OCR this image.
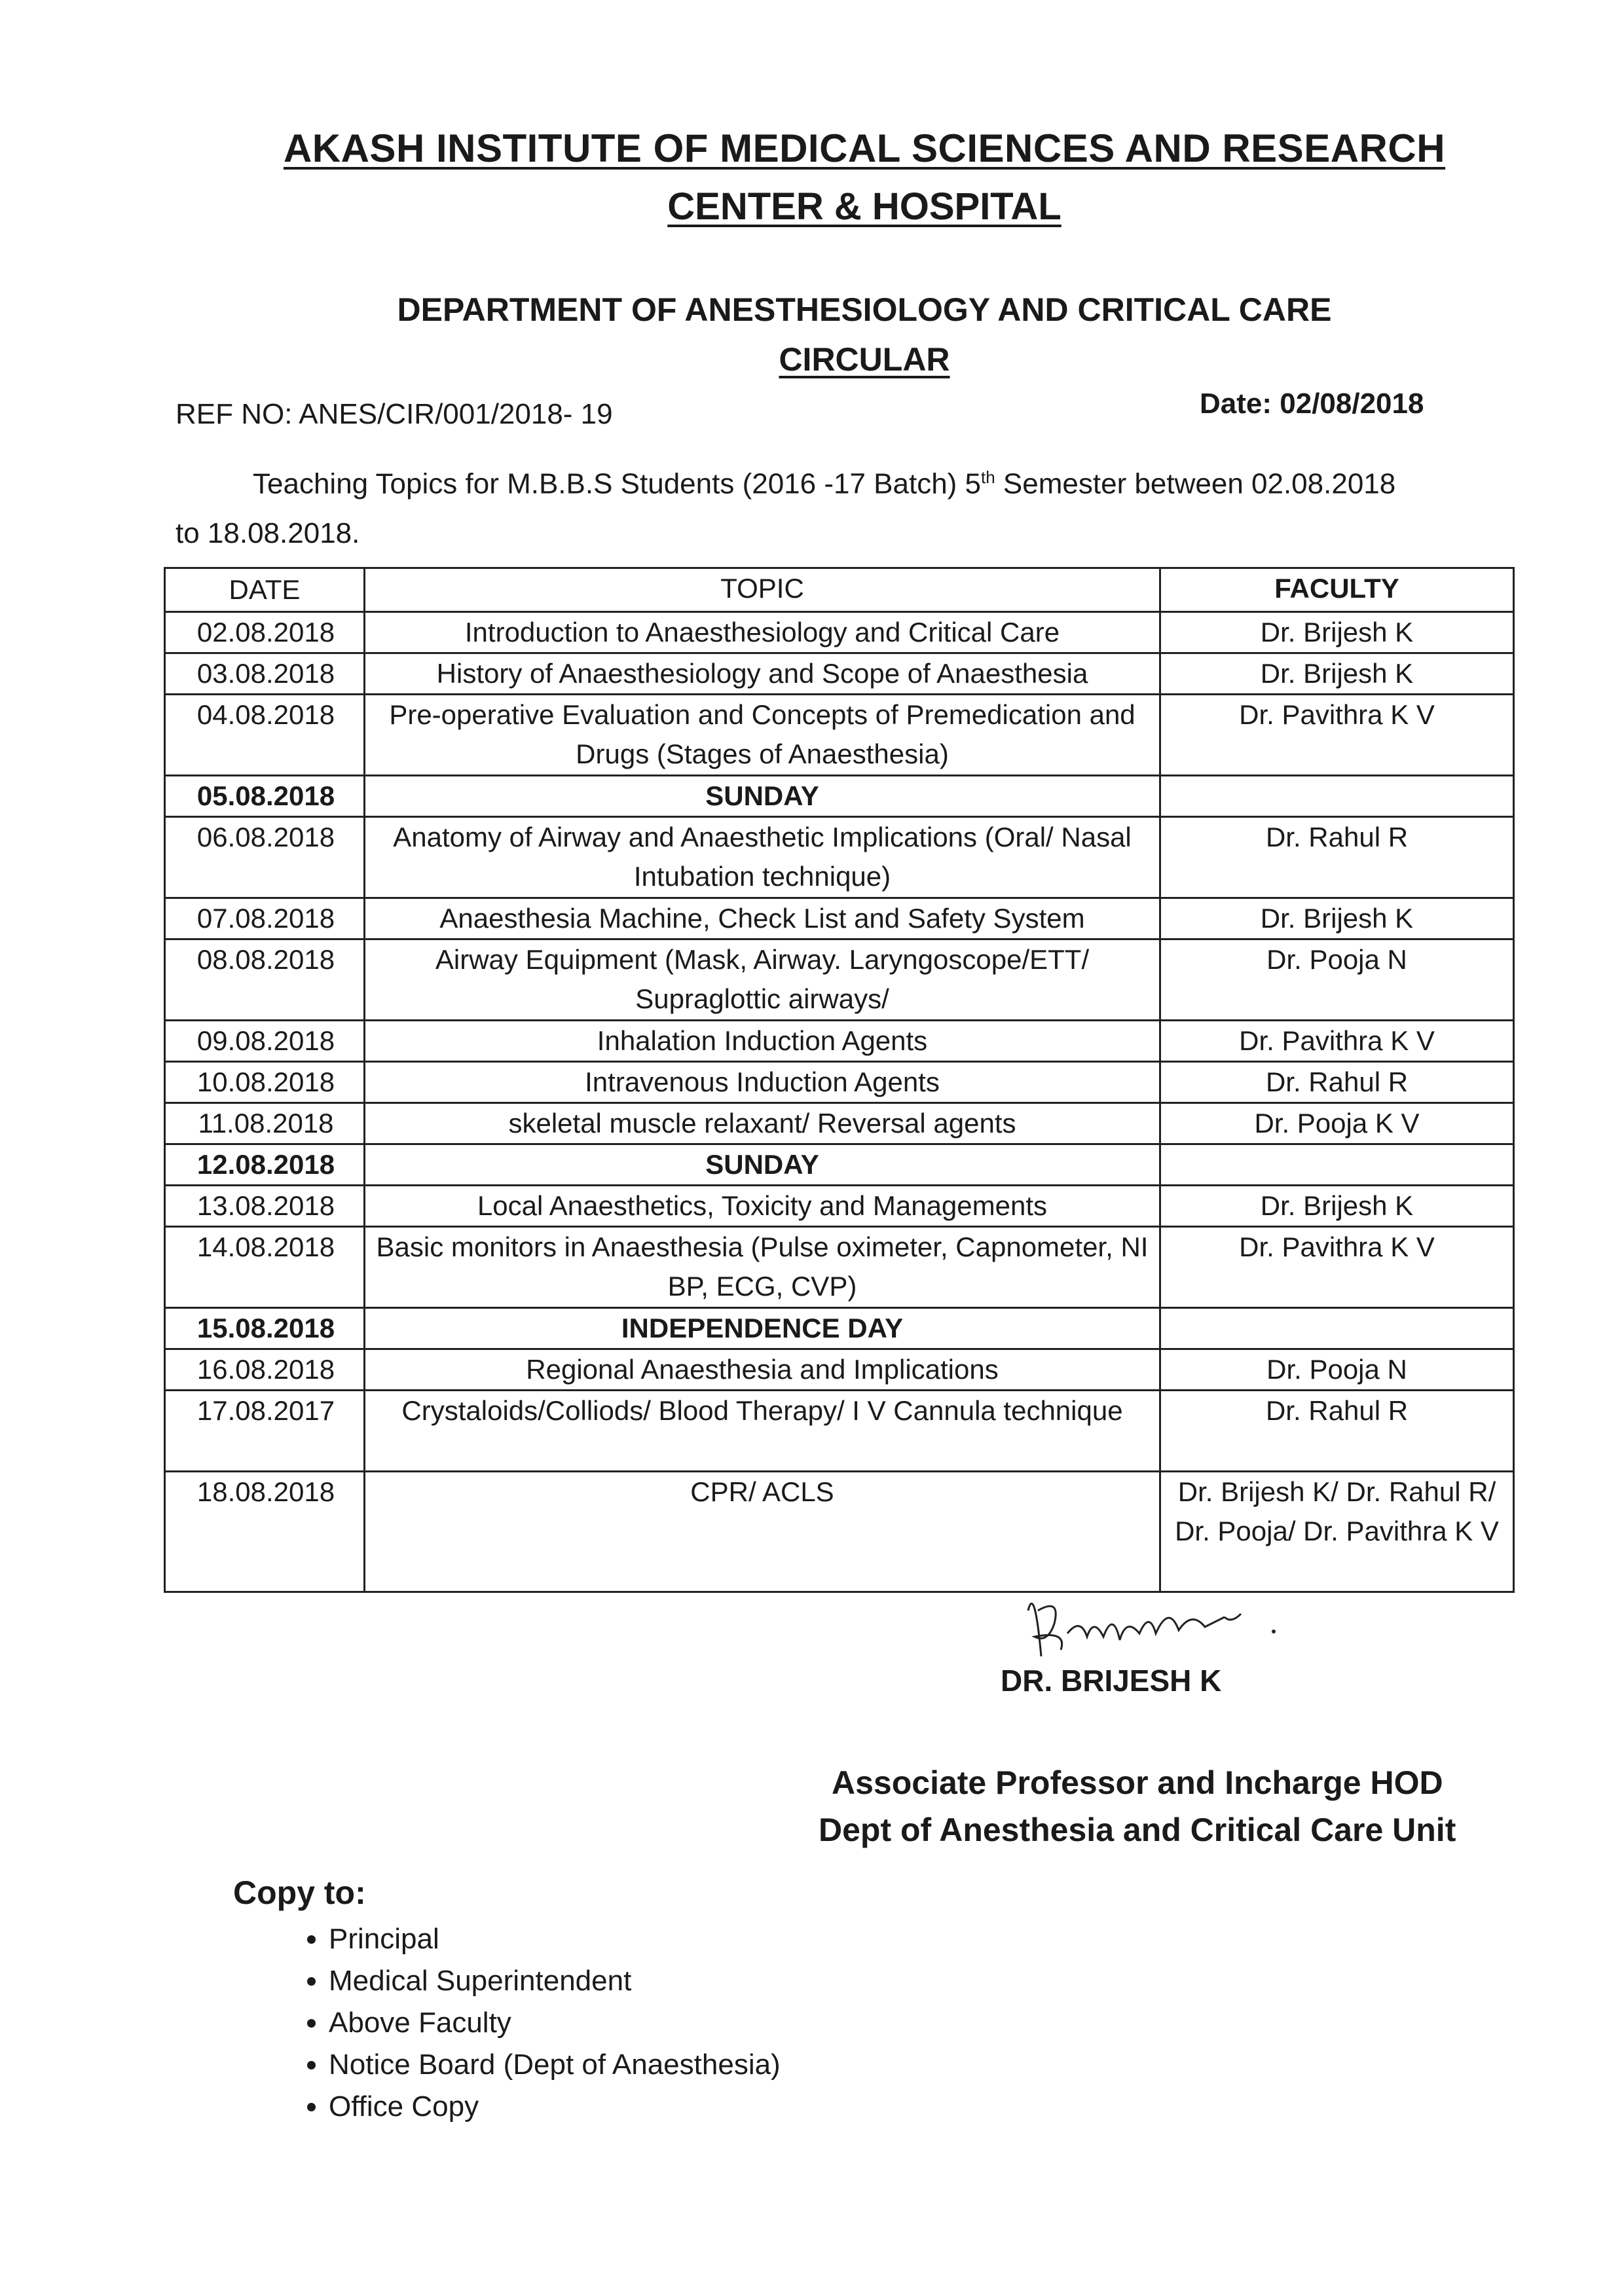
AKASH INSTITUTE OF MEDICAL SCIENCES AND RESEARCH
CENTER & HOSPITAL
DEPARTMENT OF ANESTHESIOLOGY AND CRITICAL CARE
CIRCULAR
REF NO: ANES/CIR/001/2018- 19	Date: 02/08/2018
Teaching Topics for M.B.B.S Students (2016 -17 Batch) 5th Semester between 02.08.2018
to 18.08.2018.
DATE	TOPIC	FACULTY
02.08.2018	Introduction to Anaesthesiology and Critical Care	Dr. Brijesh K
03.08.2018	History of Anaesthesiology and Scope of Anaesthesia	Dr. Brijesh K
04.08.2018	Pre-operative Evaluation and Concepts of Premedication and Drugs (Stages of Anaesthesia)	Dr. Pavithra K V
05.08.2018	SUNDAY	
06.08.2018	Anatomy of Airway and Anaesthetic Implications (Oral/ Nasal Intubation technique)	Dr. Rahul R
07.08.2018	Anaesthesia Machine, Check List and Safety System	Dr. Brijesh K
08.08.2018	Airway Equipment (Mask, Airway. Laryngoscope/ETT/ Supraglottic airways/	Dr. Pooja N
09.08.2018	Inhalation Induction Agents	Dr. Pavithra K V
10.08.2018	Intravenous Induction Agents	Dr. Rahul R
11.08.2018	skeletal muscle relaxant/ Reversal agents	Dr. Pooja K V
12.08.2018	SUNDAY	
13.08.2018	Local Anaesthetics, Toxicity and Managements	Dr. Brijesh K
14.08.2018	Basic monitors in Anaesthesia (Pulse oximeter, Capnometer, NI BP, ECG, CVP)	Dr. Pavithra K V
15.08.2018	INDEPENDENCE DAY	
16.08.2018	Regional Anaesthesia and Implications	Dr. Pooja N
17.08.2017	Crystaloids/Colliods/ Blood Therapy/ I V Cannula technique	Dr. Rahul R
18.08.2018	CPR/ ACLS	Dr. Brijesh K/ Dr. Rahul R/ Dr. Pooja/ Dr. Pavithra K V
DR. BRIJESH K
Associate Professor and Incharge HOD
Dept of Anesthesia and Critical Care Unit
Copy to:
• Principal
• Medical Superintendent
• Above Faculty
• Notice Board (Dept of Anaesthesia)
• Office Copy
